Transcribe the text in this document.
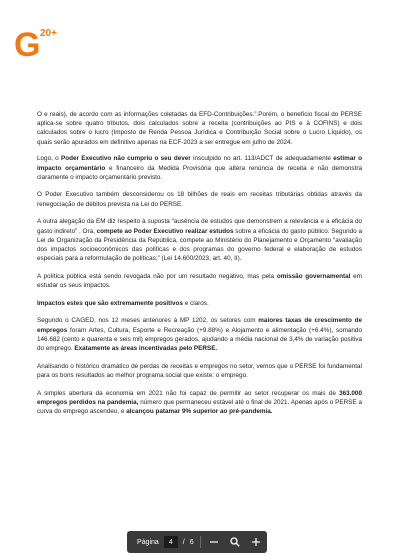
G 20+

O e reais), de acordo com as informações coletadas da EFD-Contribuições.”.Porém, o benefício fiscal do PERSE aplica-se sobre quatro tributos, dois calculados sobre a receita (contribuições ao PIS e à COFINS) e dois calculados sobre o lucro (Imposto de Renda Pessoa Jurídica e Contribuição Social sobre o Lucro Líquido), os quais serão apurados em definitivo apenas na ECF-2023 a ser entregue em julho de 2024.

Logo, o Poder Executivo não cumpriu o seu dever insculpido no art. 113/ADCT de adequadamente estimar o impacto orçamentário e financeiro da Medida Provisória que altera renúncia de receita e não demonstra claramente o impacto orçamentário previsto.

O Poder Executivo também desconsiderou os 18 bilhões de reais em receitas tributárias obtidas através da renegociação de débitos prevista na Lei do PERSE.

A outra alegação da EM diz respeito à suposta “ausência de estudos que demonstrem a relevância e a eficácia do gasto indireto” . Ora, compete ao Poder Executivo realizar estudos sobre a eficácia do gasto público. Segundo a Lei de Organização da Presidência da República, compete ao Ministério do Planejamento e Orçamento “avaliação dos impactos socioeconômicos das políticas e dos programas do governo federal e elaboração de estudos especiais para a reformulação de políticas;” (Lei 14.600/2023, art. 40, II).

A política pública está sendo revogada não por um resultado negativo, mas pela omissão governamental em estudar os seus impactos.

Impactos estes que são extremamente positivos e claros.

Segundo o CAGED, nos 12 meses anteriores à MP 1202, os setores com maiores taxas de crescimento de empregos foram Artes, Cultura, Esporte e Recreação (+9.88%) e Alojamento e alimentação (+6.4%), somando 146.682 (cento e quarenta e seis mil) empregos gerados, ajudando a média nacional de 3,4% de variação positiva do emprego. Exatamente as áreas incentivadas pelo PERSE.

Analisando o histórico dramático de perdas de receitas e empregos no setor, vemos que o PERSE foi fundamental para os bons resultados ao melhor programa social que existe: o emprego.

A simples abertura da economia em 2021 não foi capaz de permitir ao setor recuperar os mais de 363.000 empregos perdidos na pandemia, número que permaneceu estável até o final de 2021. Apenas após o PERSE a curva do emprego ascendeu, e alcançou patamar 9% superior ao pré-pandemia.

Página	4	/ 6
